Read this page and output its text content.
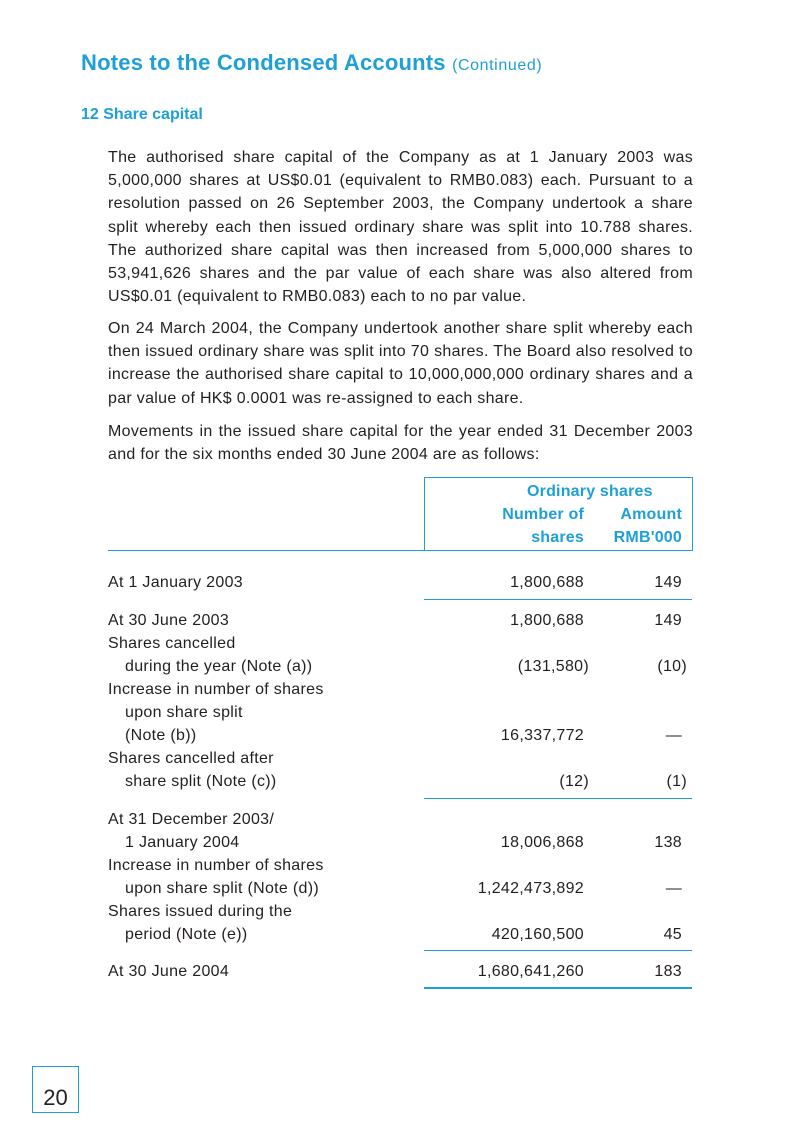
Notes to the Condensed Accounts (Continued)
12 Share capital

The authorised share capital of the Company as at 1 January 2003 was 5,000,000 shares at US$0.01 (equivalent to RMB0.083) each. Pursuant to a resolution passed on 26 September 2003, the Company undertook a share split whereby each then issued ordinary share was split into 10.788 shares. The authorized share capital was then increased from 5,000,000 shares to 53,941,626 shares and the par value of each share was also altered from US$0.01 (equivalent to RMB0.083) each to no par value.

On 24 March 2004, the Company undertook another share split whereby each then issued ordinary share was split into 70 shares. The Board also resolved to increase the authorised share capital to 10,000,000,000 ordinary shares and a par value of HK$ 0.0001 was re-assigned to each share.

Movements in the issued share capital for the year ended 31 December 2003 and for the six months ended 30 June 2004 are as follows:

Ordinary shares
Number of
shares
Amount
RMB'000
At 1 January 2003	1,800,688	149
At 30 June 2003	1,800,688	149
Shares cancelled
during the year (Note (a))	(131,580)	(10)
Increase in number of shares
upon share split
(Note (b))	16,337,772	—
Shares cancelled after
share split (Note (c))	(12)	(1)
At 31 December 2003/
1 January 2004	18,006,868	138
Increase in number of shares
upon share split (Note (d))	1,242,473,892	—
Shares issued during the
period (Note (e))	420,160,500	45
At 30 June 2004	1,680,641,260	183
20
